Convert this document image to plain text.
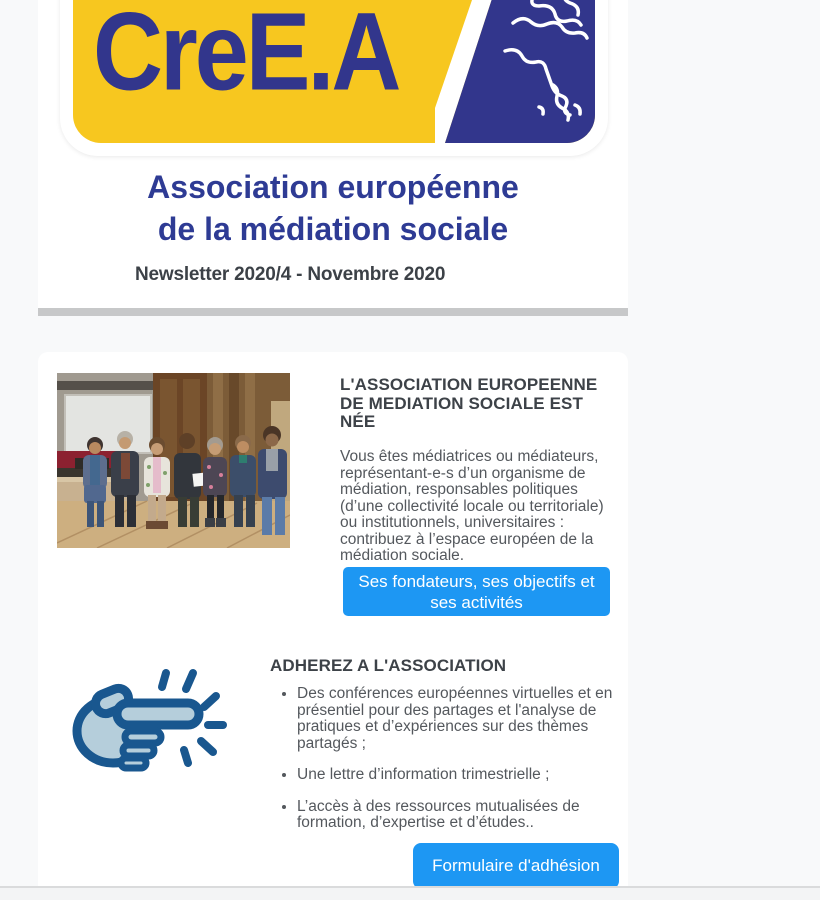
CreE.A
Association européenne
de la médiation sociale
Newsletter 2020/4 - Novembre 2020
L'ASSOCIATION EUROPEENNE DE MEDIATION SOCIALE EST NÉE
Vous êtes médiatrices ou médiateurs, représentant-e-s d’un organisme de médiation, responsables politiques (d’une collectivité locale ou territoriale) ou institutionnels, universitaires : contribuez à l’espace européen de la médiation sociale.
Ses fondateurs, ses objectifs et ses activités
ADHEREZ A L'ASSOCIATION
Des conférences européennes virtuelles et en présentiel pour des partages et l'analyse de pratiques et d’expériences sur des thèmes partagés ;
Une lettre d’information trimestrielle ;
L’accès à des ressources mutualisées de formation, d’expertise et d’études..
Formulaire d'adhésion
